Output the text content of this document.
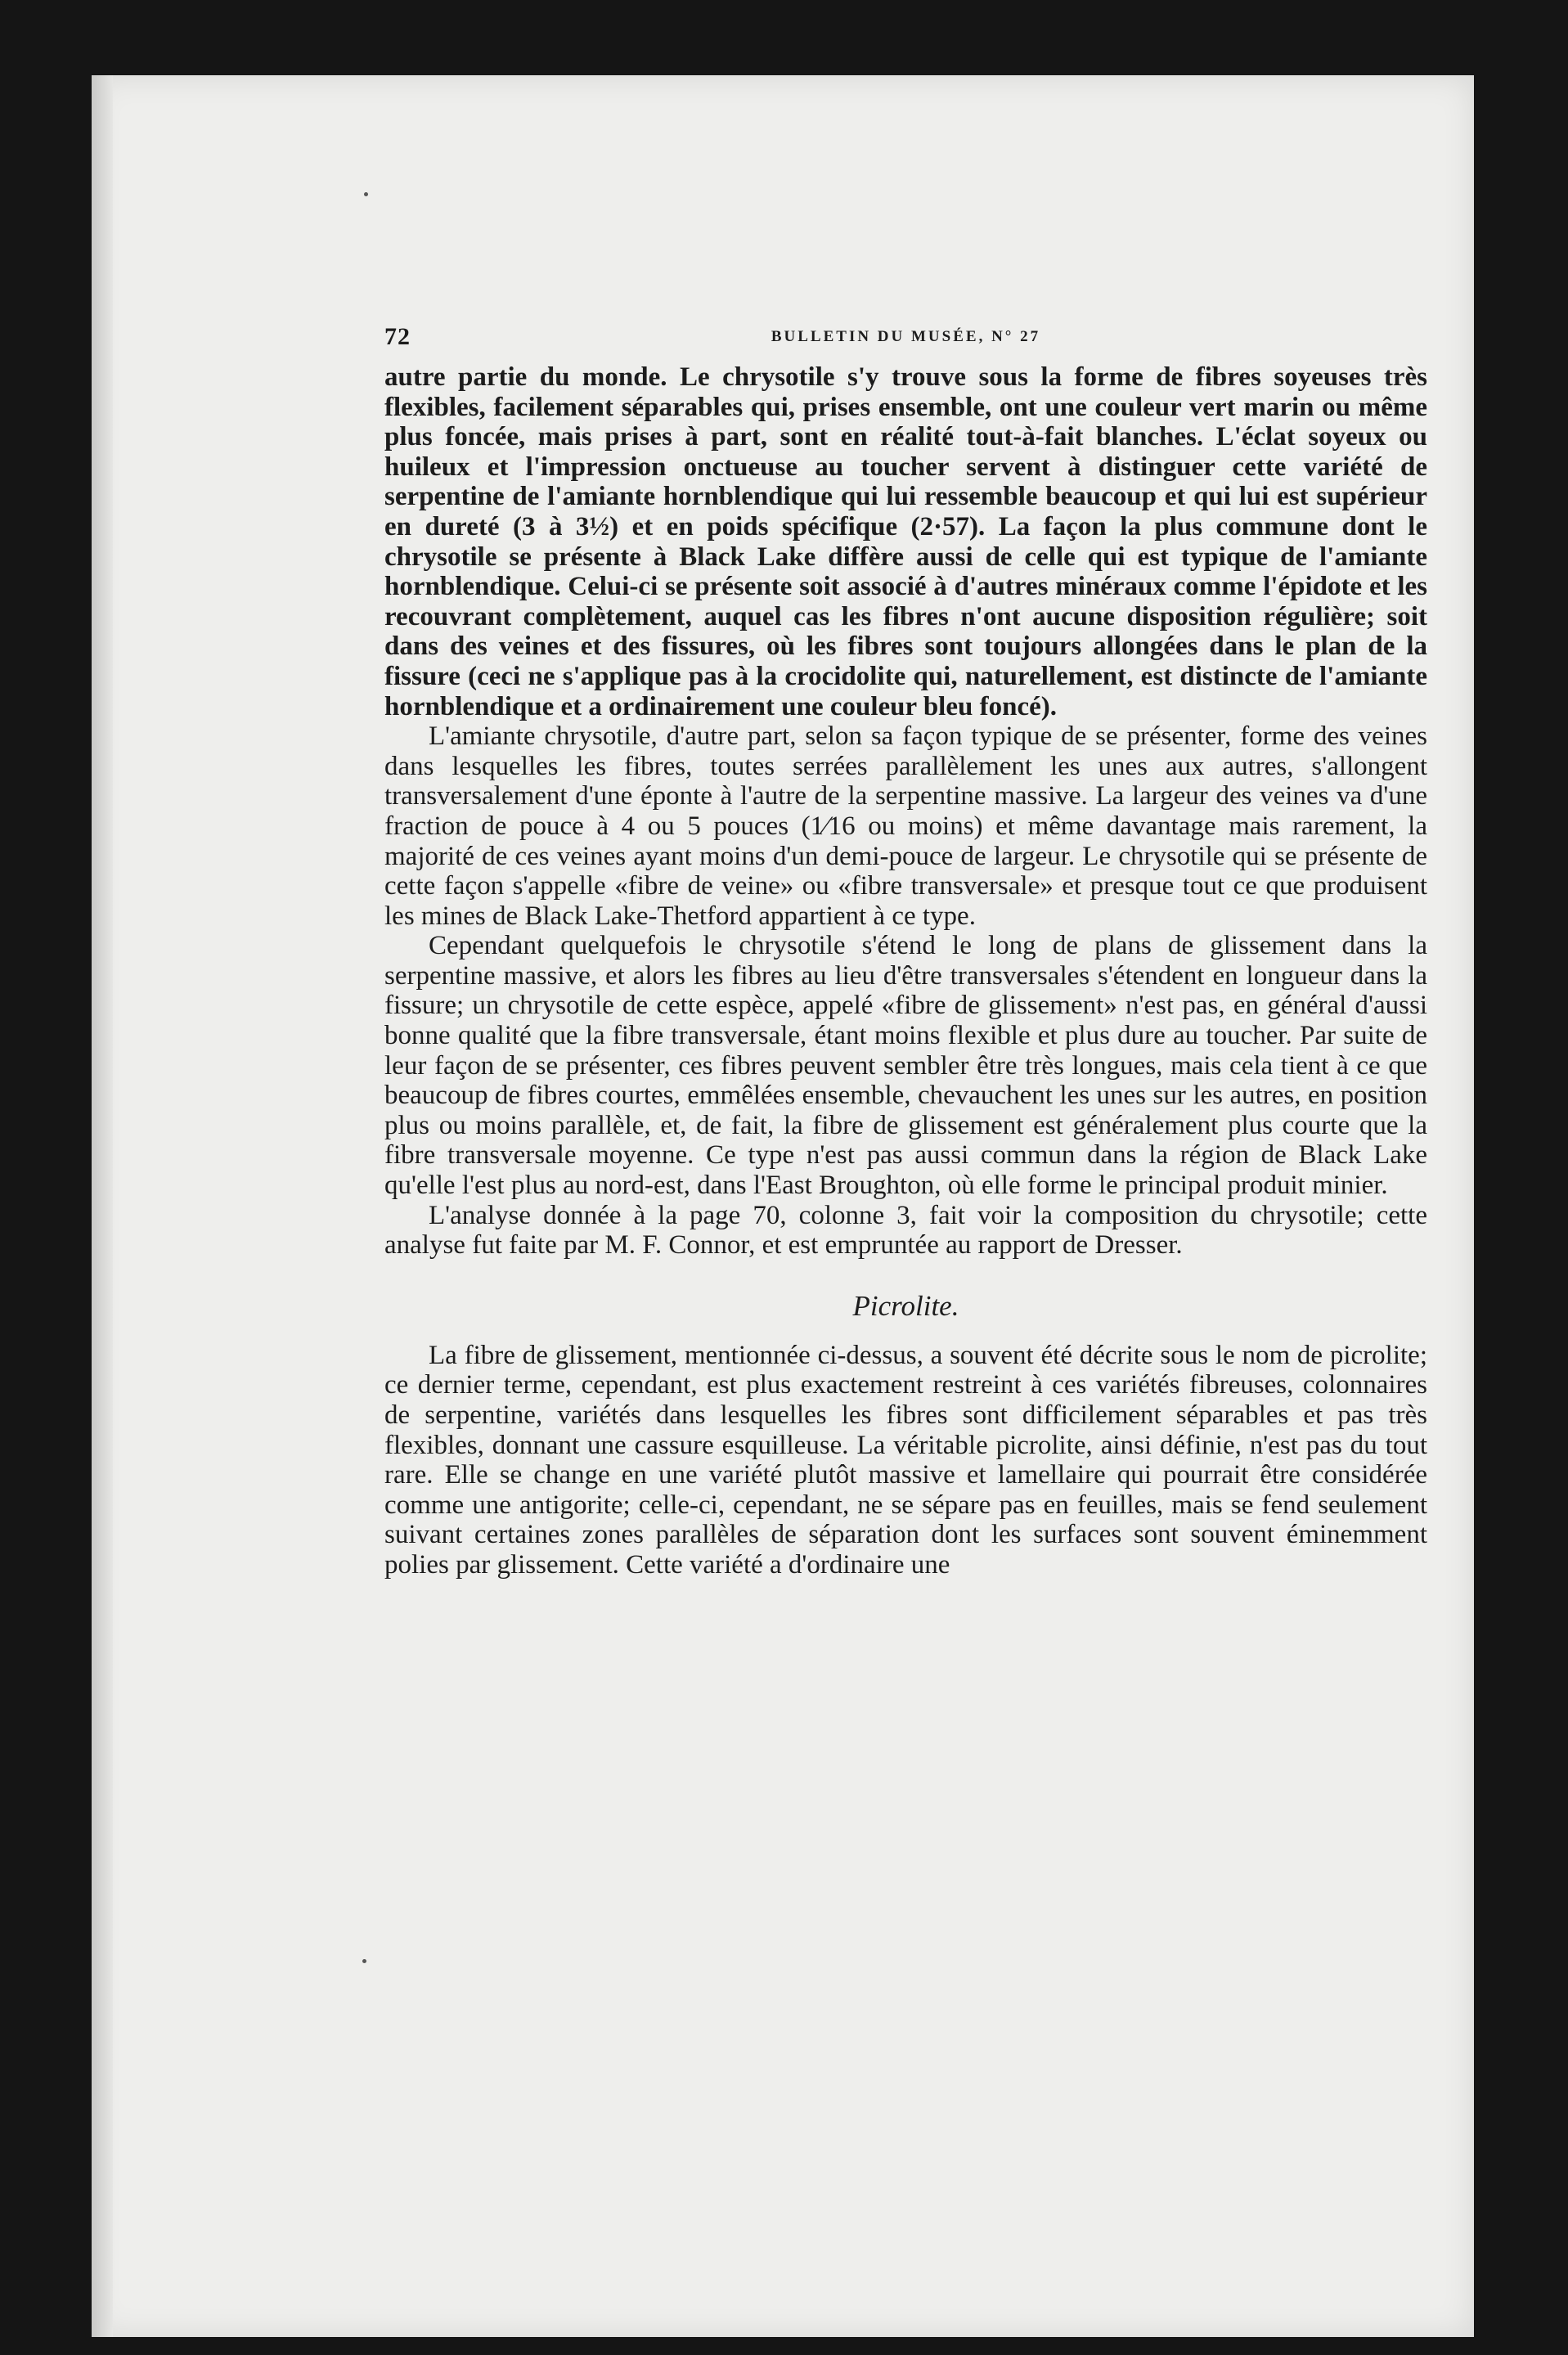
72	BULLETIN DU MUSÉE, N° 27

autre partie du monde. Le chrysotile s'y trouve sous la forme de fibres soyeuses très flexibles, facilement séparables qui, prises ensemble, ont une couleur vert marin ou même plus foncée, mais prises à part, sont en réalité tout-à-fait blanches. L'éclat soyeux ou huileux et l'impression onctueuse au toucher servent à distinguer cette variété de serpentine de l'amiante hornblendique qui lui ressemble beaucoup et qui lui est supérieur en dureté (3 à 3½) et en poids spécifique (2·57). La façon la plus commune dont le chrysotile se présente à Black Lake diffère aussi de celle qui est typique de l'amiante hornblendique. Celui-ci se présente soit associé à d'autres minéraux comme l'épidote et les recouvrant complètement, auquel cas les fibres n'ont aucune disposition régulière; soit dans des veines et des fissures, où les fibres sont toujours allongées dans le plan de la fissure (ceci ne s'applique pas à la crocidolite qui, naturellement, est distincte de l'amiante hornblendique et a ordinairement une couleur bleu foncé).

L'amiante chrysotile, d'autre part, selon sa façon typique de se présenter, forme des veines dans lesquelles les fibres, toutes serrées parallèlement les unes aux autres, s'allongent transversalement d'une éponte à l'autre de la serpentine massive. La largeur des veines va d'une fraction de pouce à 4 ou 5 pouces (1⁄16 ou moins) et même davantage mais rarement, la majorité de ces veines ayant moins d'un demi-pouce de largeur. Le chrysotile qui se présente de cette façon s'appelle «fibre de veine» ou «fibre transversale» et presque tout ce que produisent les mines de Black Lake-Thetford appartient à ce type.

Cependant quelquefois le chrysotile s'étend le long de plans de glissement dans la serpentine massive, et alors les fibres au lieu d'être transversales s'étendent en longueur dans la fissure; un chrysotile de cette espèce, appelé «fibre de glissement» n'est pas, en général d'aussi bonne qualité que la fibre transversale, étant moins flexible et plus dure au toucher. Par suite de leur façon de se présenter, ces fibres peuvent sembler être très longues, mais cela tient à ce que beaucoup de fibres courtes, emmêlées ensemble, chevauchent les unes sur les autres, en position plus ou moins parallèle, et, de fait, la fibre de glissement est généralement plus courte que la fibre transversale moyenne. Ce type n'est pas aussi commun dans la région de Black Lake qu'elle l'est plus au nord-est, dans l'East Broughton, où elle forme le principal produit minier.

L'analyse donnée à la page 70, colonne 3, fait voir la composition du chrysotile; cette analyse fut faite par M. F. Connor, et est empruntée au rapport de Dresser.

Picrolite.

La fibre de glissement, mentionnée ci-dessus, a souvent été décrite sous le nom de picrolite; ce dernier terme, cependant, est plus exactement restreint à ces variétés fibreuses, colonnaires de serpentine, variétés dans lesquelles les fibres sont difficilement séparables et pas très flexibles, donnant une cassure esquilleuse. La véritable picrolite, ainsi définie, n'est pas du tout rare. Elle se change en une variété plutôt massive et lamellaire qui pourrait être considérée comme une antigorite; celle-ci, cependant, ne se sépare pas en feuilles, mais se fend seulement suivant certaines zones parallèles de séparation dont les surfaces sont souvent éminemment polies par glissement. Cette variété a d'ordinaire une
